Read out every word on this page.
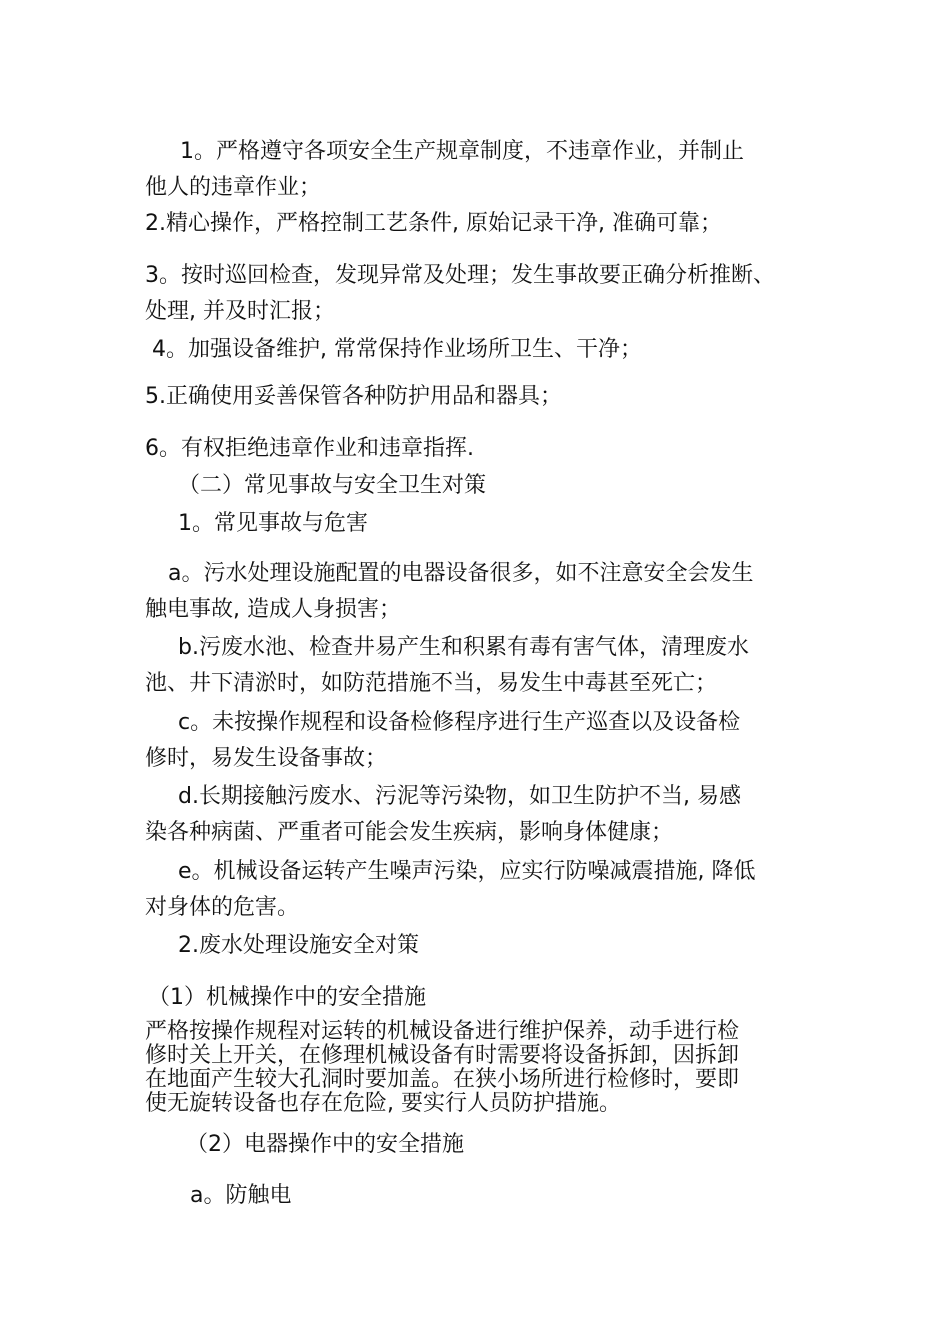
1。严格遵守各项安全生产规章制度，不违章作业，并制止

他人的违章作业；

2.精心操作，严格控制工艺条件, 原始记录干净, 准确可靠；

3。按时巡回检查，发现异常及处理；发生事故要正确分析推断、

处理, 并及时汇报；

4。加强设备维护, 常常保持作业场所卫生、干净；

5.正确使用妥善保管各种防护用品和器具；

6。有权拒绝违章作业和违章指挥.

（二）常见事故与安全卫生对策

1。常见事故与危害

a。污水处理设施配置的电器设备很多，如不注意安全会发生

触电事故, 造成人身损害；

b.污废水池、检查井易产生和积累有毒有害气体，清理废水

池、井下清淤时，如防范措施不当，易发生中毒甚至死亡；

c。未按操作规程和设备检修程序进行生产巡查以及设备检

修时，易发生设备事故；

d.长期接触污废水、污泥等污染物，如卫生防护不当, 易感

染各种病菌、严重者可能会发生疾病，影响身体健康；

e。机械设备运转产生噪声污染，应实行防噪减震措施, 降低

对身体的危害。

2.废水处理设施安全对策

（1）机械操作中的安全措施

严格按操作规程对运转的机械设备进行维护保养，动手进行检

修时关上开关，在修理机械设备有时需要将设备拆卸，因拆卸

在地面产生较大孔洞时要加盖。在狭小场所进行检修时，要即

使无旋转设备也存在危险, 要实行人员防护措施。

（2）电器操作中的安全措施

a。防触电
